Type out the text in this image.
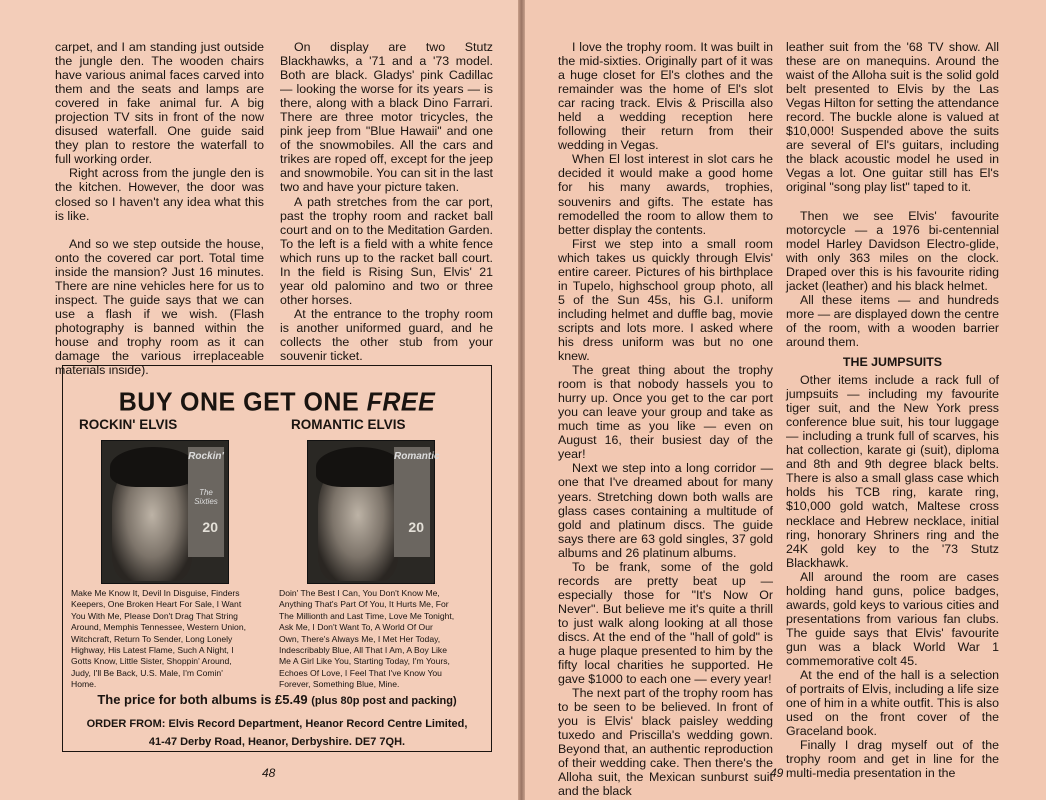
carpet, and I am standing just outside the jungle den. The wooden chairs have various animal faces carved into them and the seats and lamps are covered in fake animal fur. A big projection TV sits in front of the now disused waterfall. One guide said they plan to restore the waterfall to full working order.

Right across from the jungle den is the kitchen. However, the door was closed so I haven't any idea what this is like.

And so we step outside the house, onto the covered car port. Total time inside the mansion? Just 16 minutes. There are nine vehicles here for us to inspect. The guide says that we can use a flash if we wish. (Flash photography is banned within the house and trophy room as it can damage the various irreplaceable materials inside).

On display are two Stutz Blackhawks, a '71 and a '73 model. Both are black. Gladys' pink Cadillac — looking the worse for its years — is there, along with a black Dino Farrari. There are three motor tricycles, the pink jeep from "Blue Hawaii" and one of the snowmobiles. All the cars and trikes are roped off, except for the jeep and snowmobile. You can sit in the last two and have your picture taken.

A path stretches from the car port, past the trophy room and racket ball court and on to the Meditation Garden. To the left is a field with a white fence which runs up to the racket ball court. In the field is Rising Sun, Elvis' 21 year old palomino and two or three other horses.

At the entrance to the trophy room is another uniformed guard, and he collects the other stub from your souvenir ticket.

BUY ONE GET ONE FREE
ROCKIN' ELVIS	ROMANTIC ELVIS
Rockin'
The Sixties
20
Romantic
20
Make Me Know It, Devil In Disguise, Finders Keepers, One Broken Heart For Sale, I Want You With Me, Please Don't Drag That String Around, Memphis Tennessee, Western Union, Witchcraft, Return To Sender, Long Lonely Highway, His Latest Flame, Such A Night, I Gotts Know, Little Sister, Shoppin' Around, Judy, I'll Be Back, U.S. Male, I'm Comin' Home.
Doin' The Best I Can, You Don't Know Me, Anything That's Part Of You, It Hurts Me, For The Millionth and Last Time, Love Me Tonight, Ask Me, I Don't Want To, A World Of Our Own, There's Always Me, I Met Her Today, Indescribably Blue, All That I Am, A Boy Like Me A Girl Like You, Starting Today, I'm Yours, Echoes Of Love, I Feel That I've Know You Forever, Something Blue, Mine.
The price for both albums is £5.49 (plus 80p post and packing)
ORDER FROM: Elvis Record Department, Heanor Record Centre Limited,
41-47 Derby Road, Heanor, Derbyshire. DE7 7QH.
48

I love the trophy room. It was built in the mid-sixties. Originally part of it was a huge closet for El's clothes and the remainder was the home of El's slot car racing track. Elvis & Priscilla also held a wedding reception here following their return from their wedding in Vegas.

When El lost interest in slot cars he decided it would make a good home for his many awards, trophies, souvenirs and gifts. The estate has remodelled the room to allow them to better display the contents.

First we step into a small room which takes us quickly through Elvis' entire career. Pictures of his birthplace in Tupelo, highschool group photo, all 5 of the Sun 45s, his G.I. uniform including helmet and duffle bag, movie scripts and lots more. I asked where his dress uniform was but no one knew.

The great thing about the trophy room is that nobody hassels you to hurry up. Once you get to the car port you can leave your group and take as much time as you like — even on August 16, their busiest day of the year!

Next we step into a long corridor — one that I've dreamed about for many years. Stretching down both walls are glass cases containing a multitude of gold and platinum discs. The guide says there are 63 gold singles, 37 gold albums and 26 platinum albums.

To be frank, some of the gold records are pretty beat up — especially those for "It's Now Or Never". But believe me it's quite a thrill to just walk along looking at all those discs. At the end of the "hall of gold" is a huge plaque presented to him by the fifty local charities he supported. He gave $1000 to each one — every year!

The next part of the trophy room has to be seen to be believed. In front of you is Elvis' black paisley wedding tuxedo and Priscilla's wedding gown. Beyond that, an authentic reproduction of their wedding cake. Then there's the Alloha suit, the Mexican sunburst suit and the black

leather suit from the '68 TV show. All these are on manequins. Around the waist of the Alloha suit is the solid gold belt presented to Elvis by the Las Vegas Hilton for setting the attendance record. The buckle alone is valued at $10,000! Suspended above the suits are several of El's guitars, including the black acoustic model he used in Vegas a lot. One guitar still has El's original "song play list" taped to it.

Then we see Elvis' favourite motorcycle — a 1976 bi-centennial model Harley Davidson Electro-glide, with only 363 miles on the clock. Draped over this is his favourite riding jacket (leather) and his black helmet.

All these items — and hundreds more — are displayed down the centre of the room, with a wooden barrier around them.

THE JUMPSUITS

Other items include a rack full of jumpsuits — including my favourite tiger suit, and the New York press conference blue suit, his tour luggage — including a trunk full of scarves, his hat collection, karate gi (suit), diploma and 8th and 9th degree black belts. There is also a small glass case which holds his TCB ring, karate ring, $10,000 gold watch, Maltese cross necklace and Hebrew necklace, initial ring, honorary Shriners ring and the 24K gold key to the '73 Stutz Blackhawk.

All around the room are cases holding hand guns, police badges, awards, gold keys to various cities and presentations from various fan clubs. The guide says that Elvis' favourite gun was a black World War 1 commemorative colt 45.

At the end of the hall is a selection of portraits of Elvis, including a life size one of him in a white outfit. This is also used on the front cover of the Graceland book.

Finally I drag myself out of the trophy room and get in line for the multi-media presentation in the

49
